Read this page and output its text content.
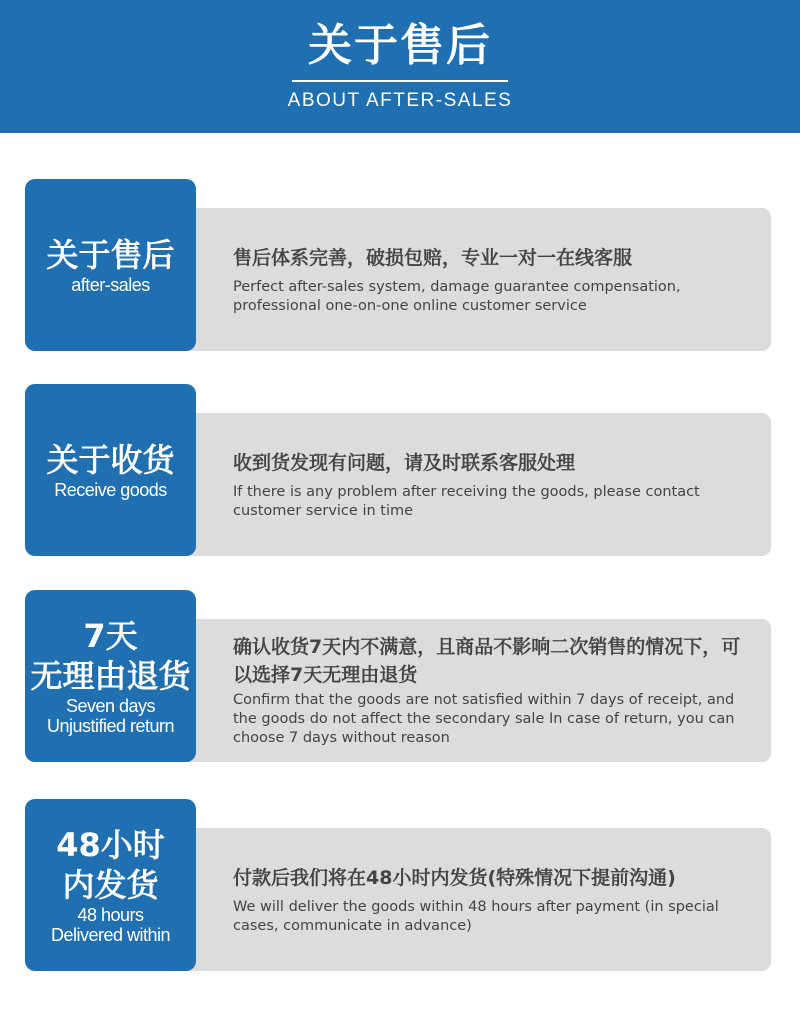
关于售后
ABOUT AFTER-SALES
关于售后
after-sales
售后体系完善，破损包赔，专业一对一在线客服
Perfect after-sales system, damage guarantee compensation, professional one-on-one online customer service
关于收货
Receive goods
收到货发现有问题，请及时联系客服处理
If there is any problem after receiving the goods, please contact customer service in time
7天
无理由退货
Seven days
Unjustified return
确认收货7天内不满意，且商品不影响二次销售的情况下，可以选择7天无理由退货
Confirm that the goods are not satisfied within 7 days of receipt, and the goods do not affect the secondary sale In case of return, you can choose 7 days without reason
48小时
内发货
48 hours
Delivered within
付款后我们将在48小时内发货(特殊情况下提前沟通)
We will deliver the goods within 48 hours after payment (in special cases, communicate in advance)
